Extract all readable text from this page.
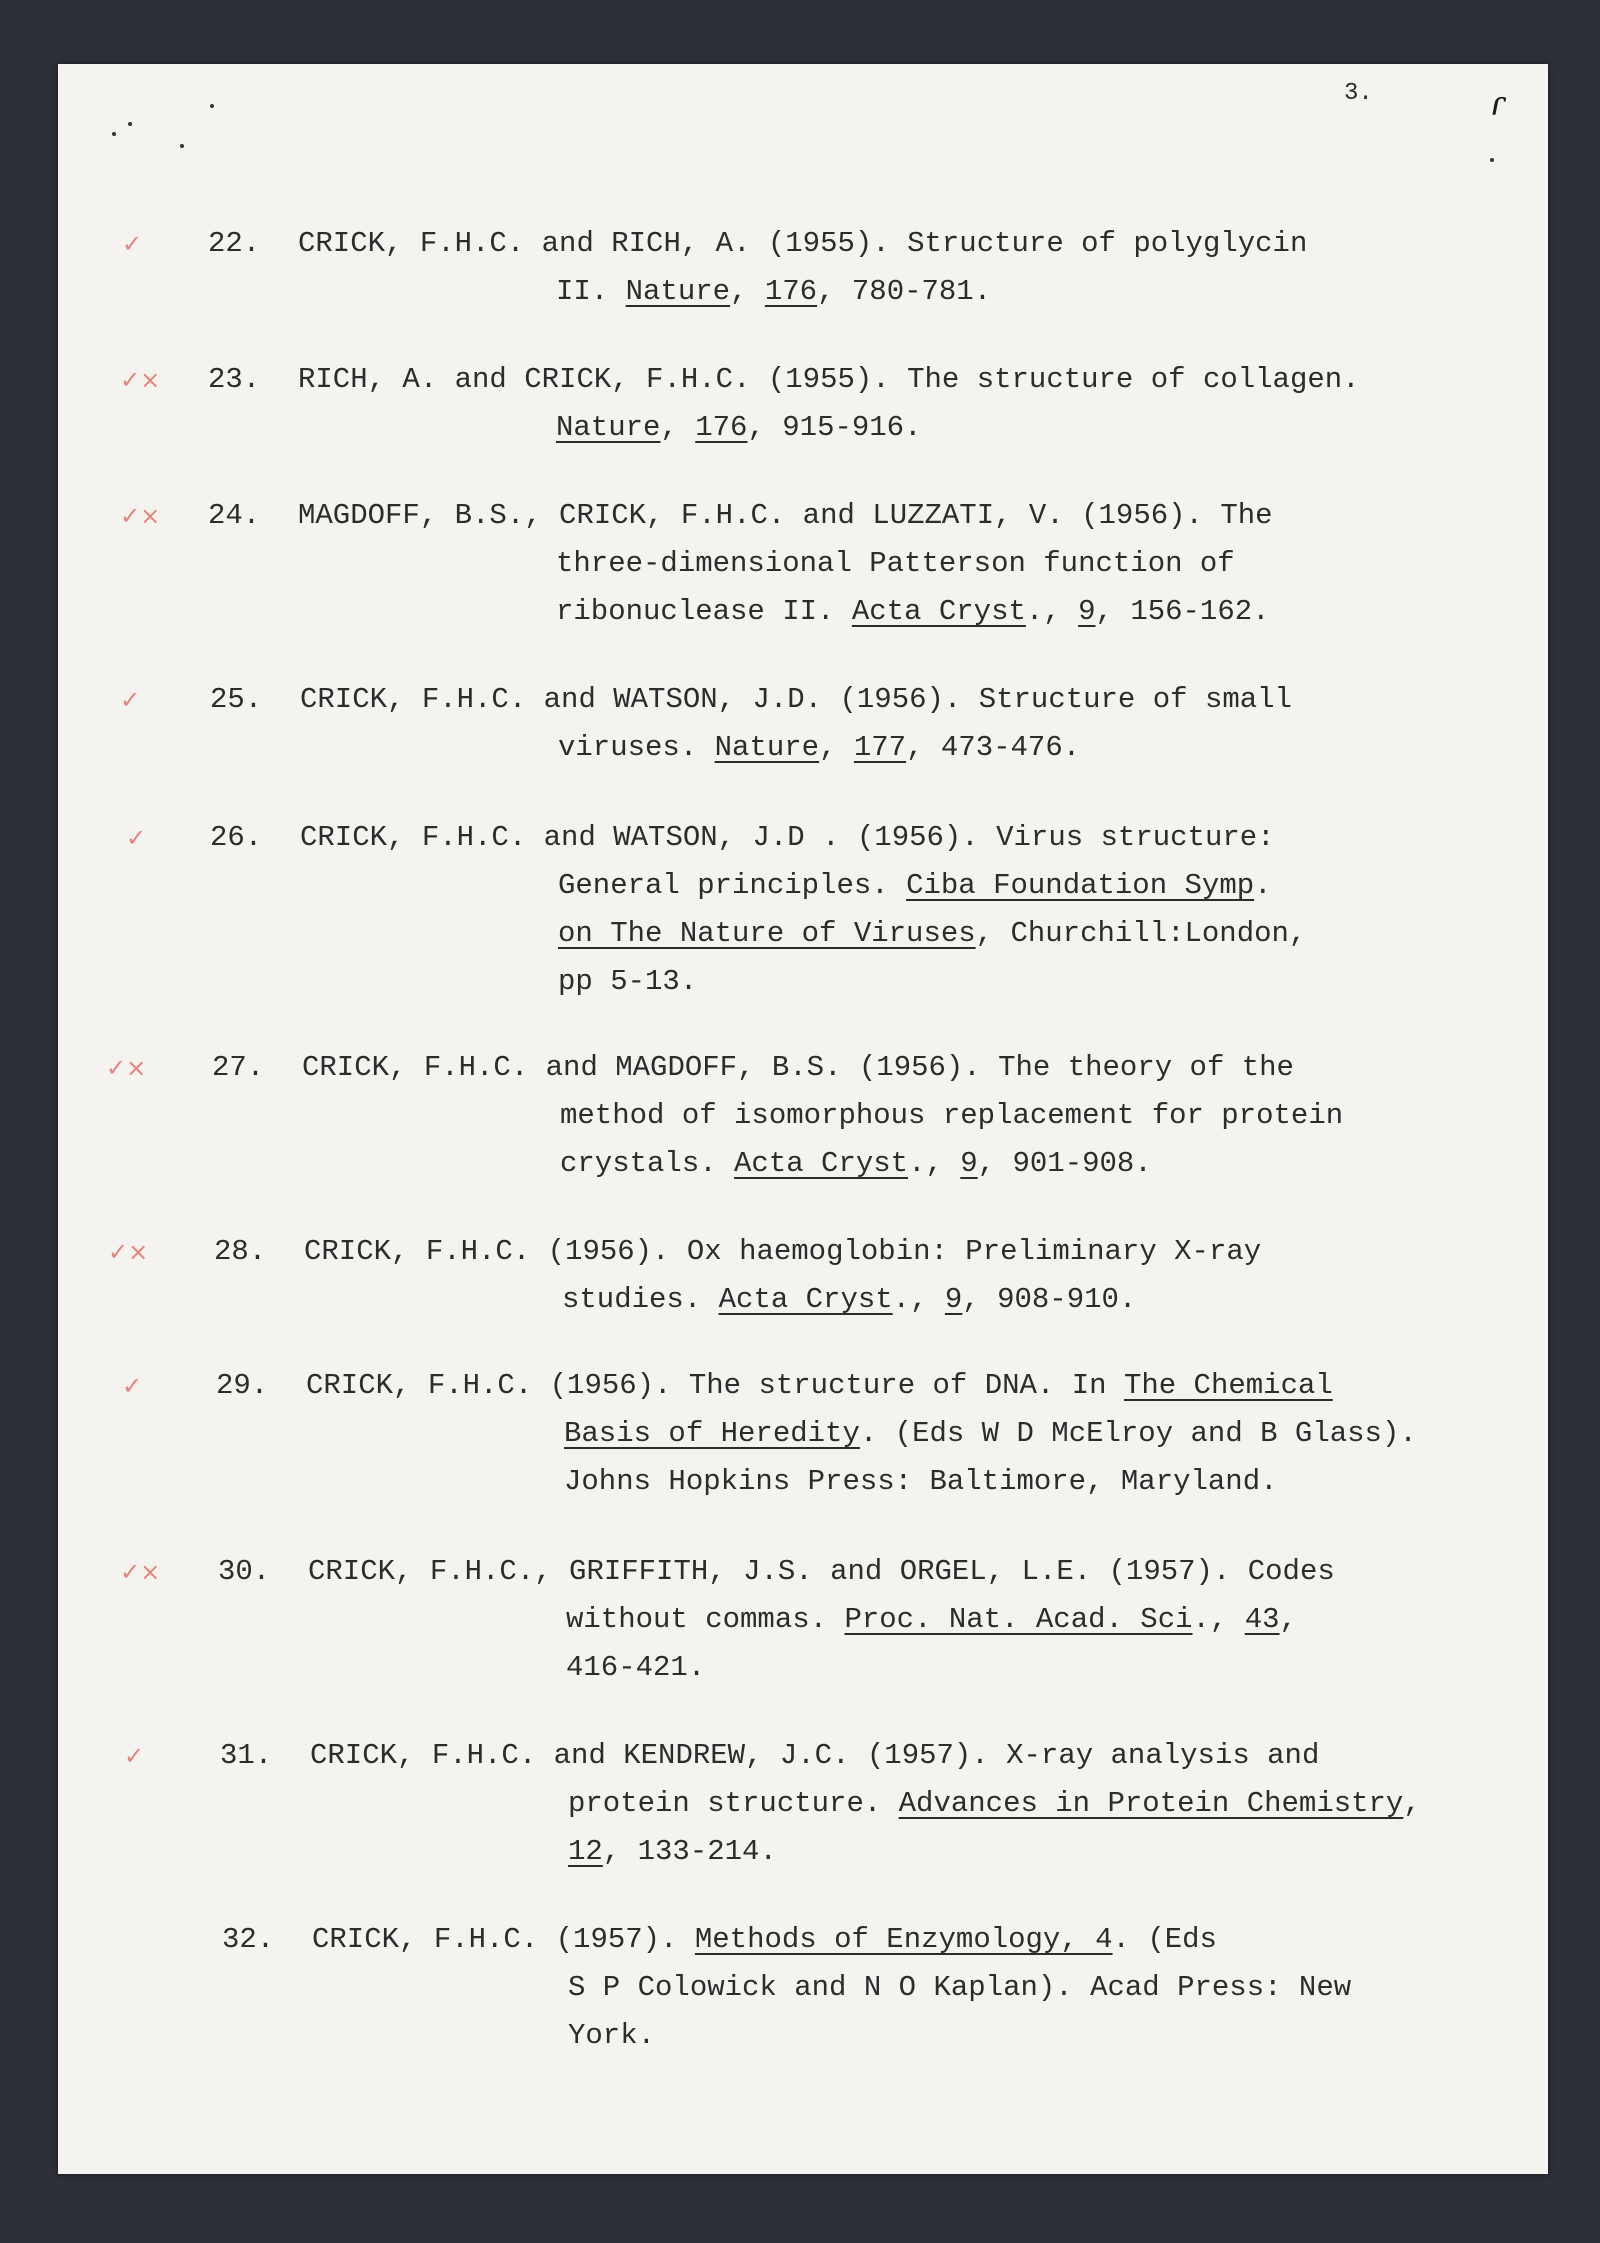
3.	ɾ
✓ 22. CRICK, F.H.C. and RICH, A. (1955). Structure of polyglycin
II. Nature, 176, 780-781.
✓× 23. RICH, A. and CRICK, F.H.C. (1955). The structure of collagen.
Nature, 176, 915-916.
✓× 24. MAGDOFF, B.S., CRICK, F.H.C. and LUZZATI, V. (1956). The
three-dimensional Patterson function of
ribonuclease II. Acta Cryst., 9, 156-162.
✓ 25. CRICK, F.H.C. and WATSON, J.D. (1956). Structure of small
viruses. Nature, 177, 473-476.
✓ 26. CRICK, F.H.C. and WATSON, J.D . (1956). Virus structure:
General principles. Ciba Foundation Symp.
on The Nature of Viruses, Churchill:London,
pp 5-13.
✓× 27. CRICK, F.H.C. and MAGDOFF, B.S. (1956). The theory of the
method of isomorphous replacement for protein
crystals. Acta Cryst., 9, 901-908.
✓× 28. CRICK, F.H.C. (1956). Ox haemoglobin: Preliminary X-ray
studies. Acta Cryst., 9, 908-910.
✓	29. CRICK, F.H.C. (1956). The structure of DNA. In The Chemical
Basis of Heredity. (Eds W D McElroy and B Glass).
Johns Hopkins Press: Baltimore, Maryland.
✓× 30. CRICK, F.H.C., GRIFFITH, J.S. and ORGEL, L.E. (1957). Codes
without commas. Proc. Nat. Acad. Sci., 43,
416-421.
✓	31. CRICK, F.H.C. and KENDREW, J.C. (1957). X-ray analysis and
protein structure. Advances in Protein Chemistry,
12, 133-214.
32. CRICK, F.H.C. (1957). Methods of Enzymology, 4. (Eds
S P Colowick and N O Kaplan). Acad Press: New
York.
